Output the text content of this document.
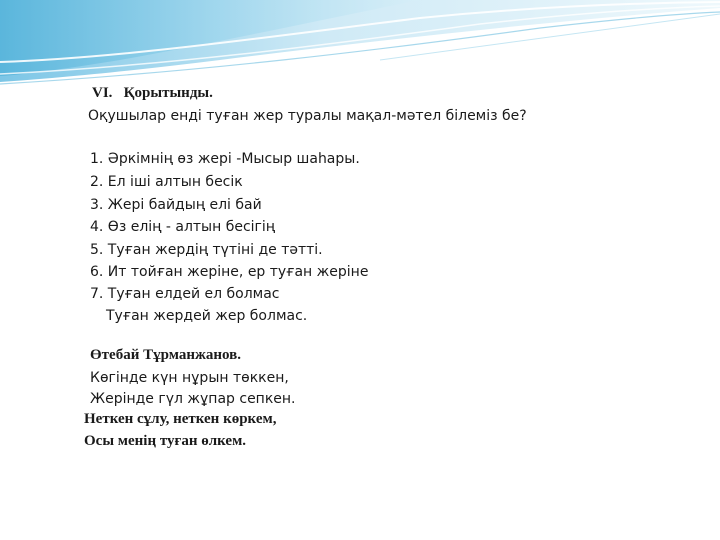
VI. Қорытынды.
Оқушылар енді туған жер туралы мақал-мәтел білеміз бе?
1. Әркімнің өз жері -Мысыр шаһары.
2. Ел іші алтын бесік
3. Жері байдың елі бай
4. Өз елің - алтын бесігің
5. Туған жердің түтіні де тәтті.
6. Ит тойған жеріне, ер туған жеріне
7. Туған елдей ел болмас
Туған жердей жер болмас.
Өтебай Тұрманжанов.
Көгінде күн нұрын төккен,
Жерінде гүл жұпар сепкен.
Неткен сұлу, неткен көркем,
Осы менің туған өлкем.
